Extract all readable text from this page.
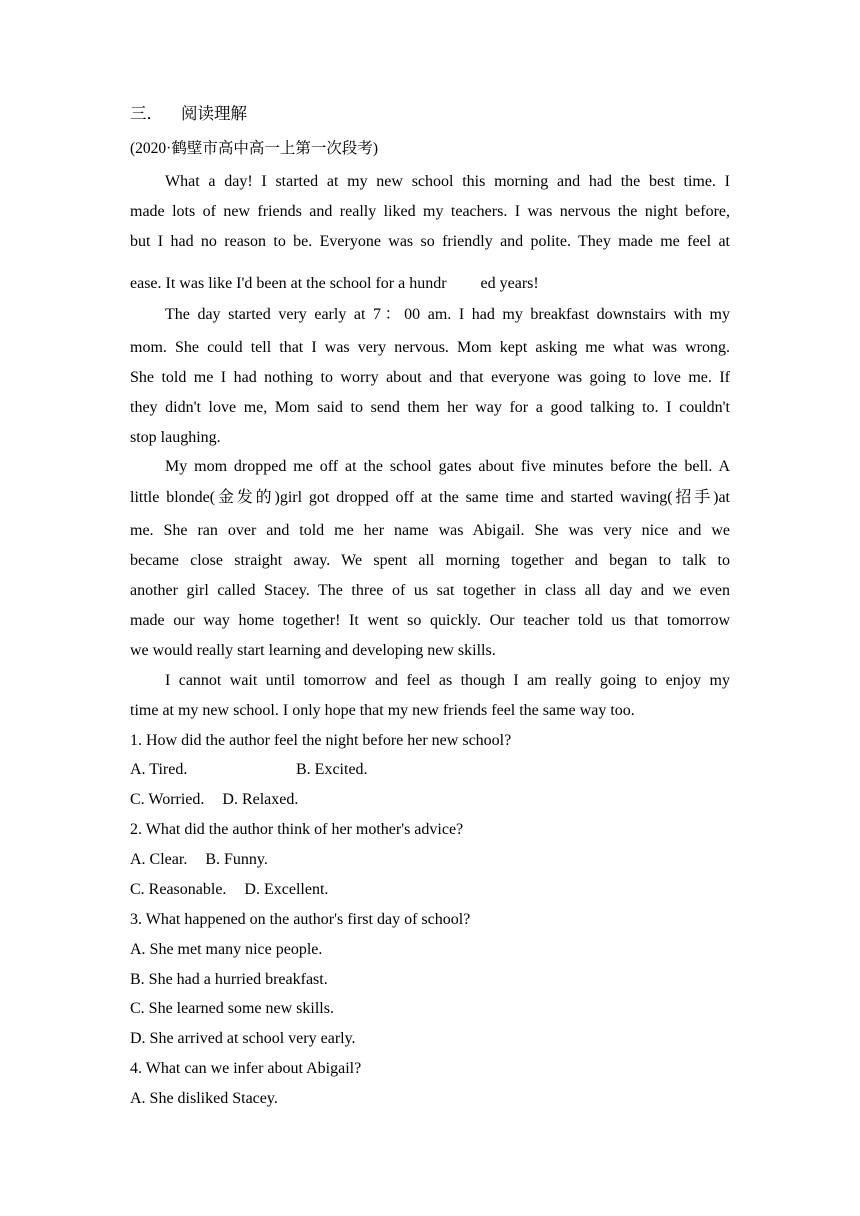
三． 阅读理解
(2020·鹤壁市高中高一上第一次段考)
What a day! I started at my new school this morning and had the best time. I
made lots of new friends and really liked my teachers. I was nervous the night before,
but I had no reason to be. Everyone was so friendly and polite. They made me feel at
ease. It was like I'd been at the school for a hundr ed years!
The day started very early at 7：00 am. I had my breakfast downstairs with my
mom. She could tell that I was very nervous. Mom kept asking me what was wrong.
She told me I had nothing to worry about and that everyone was going to love me. If
they didn't love me, Mom said to send them her way for a good talking to. I couldn't
stop laughing.
My mom dropped me off at the school gates about five minutes before the bell. A
little blonde(金发的)girl got dropped off at the same time and started waving(招手)at
me. She ran over and told me her name was Abigail. She was very nice and we
became close straight away. We spent all morning together and began to talk to
another girl called Stacey. The three of us sat together in class all day and we even
made our way home together! It went so quickly. Our teacher told us that tomorrow
we would really start learning and developing new skills.
I cannot wait until tomorrow and feel as though I am really going to enjoy my
time at my new school. I only hope that my new friends feel the same way too.
1. How did the author feel the night before her new school?
A. Tired.	B. Excited.
C. Worried. D. Relaxed.
2. What did the author think of her mother's advice?
A. Clear. B. Funny.
C. Reasonable. D. Excellent.
3. What happened on the author's first day of school?
A. She met many nice people.
B. She had a hurried breakfast.
C. She learned some new skills.
D. She arrived at school very early.
4. What can we infer about Abigail?
A. She disliked Stacey.
